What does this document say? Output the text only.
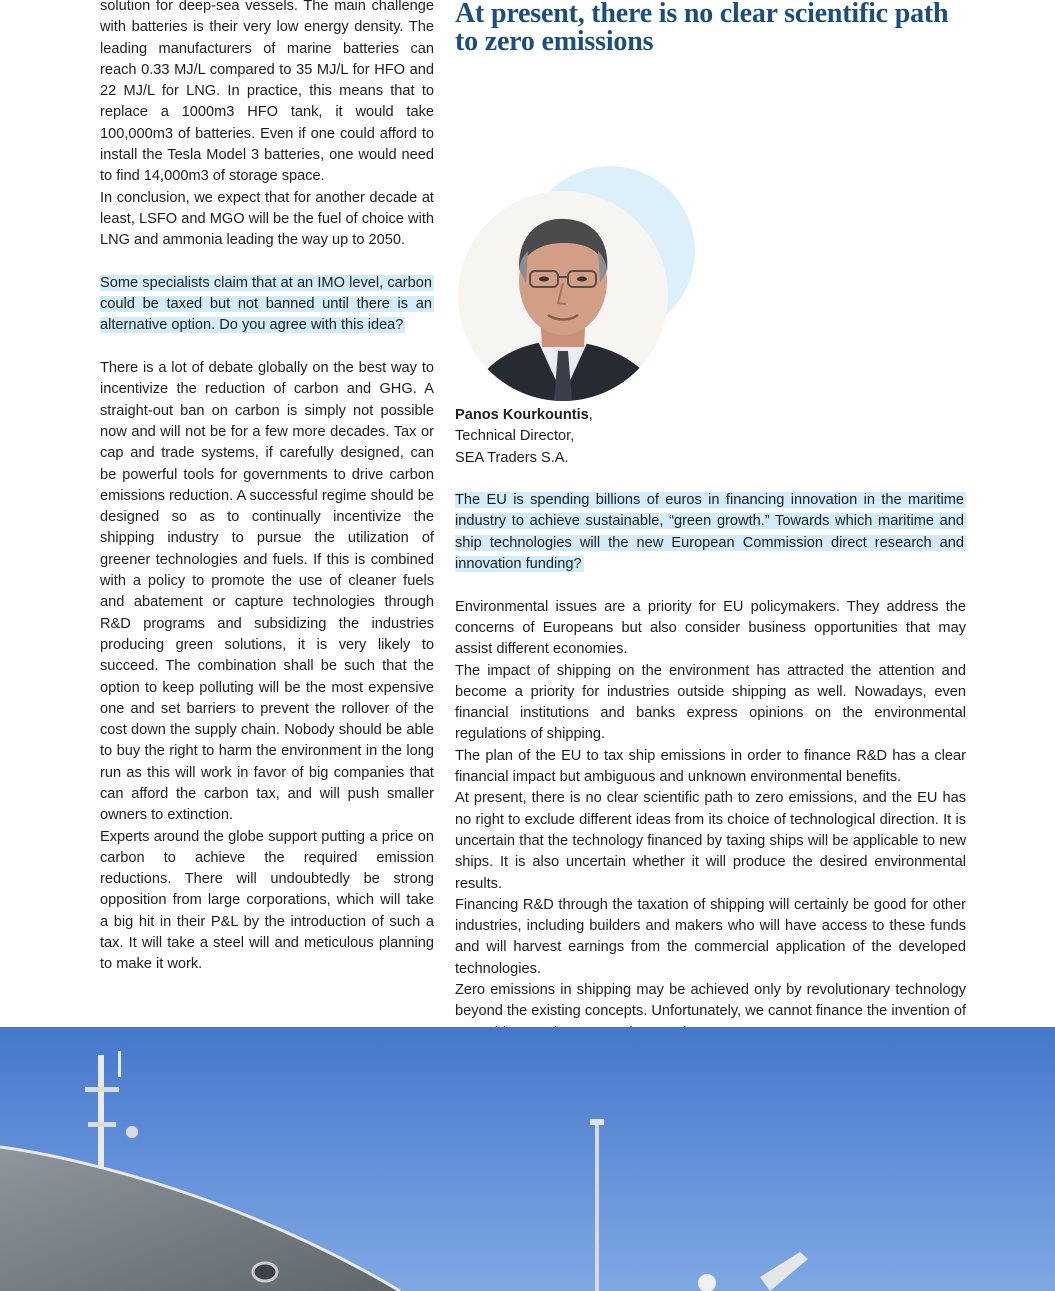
solution for deep-sea vessels. The main challenge with batteries is their very low energy density. The leading manufacturers of marine batteries can reach 0.33 MJ/L compared to 35 MJ/L for HFO and 22 MJ/L for LNG. In practice, this means that to replace a 1000m3 HFO tank, it would take 100,000m3 of batteries. Even if one could afford to install the Tesla Model 3 batteries, one would need to find 14,000m3 of storage space.

In conclusion, we expect that for another decade at least, LSFO and MGO will be the fuel of choice with LNG and ammonia leading the way up to 2050.

Some specialists claim that at an IMO level, carbon could be taxed but not banned until there is an alternative option. Do you agree with this idea?

There is a lot of debate globally on the best way to incentivize the reduction of carbon and GHG. A straight-out ban on carbon is simply not possible now and will not be for a few more decades. Tax or cap and trade systems, if carefully designed, can be powerful tools for governments to drive carbon emissions reduction. A successful regime should be designed so as to continually incentivize the shipping industry to pursue the utilization of greener technologies and fuels. If this is combined with a policy to promote the use of cleaner fuels and abatement or capture technologies through R&D programs and subsidizing the industries producing green solutions, it is very likely to succeed. The combination shall be such that the option to keep polluting will be the most expensive one and set barriers to prevent the rollover of the cost down the supply chain. Nobody should be able to buy the right to harm the environment in the long run as this will work in favor of big companies that can afford the carbon tax, and will push smaller owners to extinction.

Experts around the globe support putting a price on carbon to achieve the required emission reductions. There will undoubtedly be strong opposition from large corporations, which will take a big hit in their P&L by the introduction of such a tax. It will take a steel will and meticulous planning to make it work.

At present, there is no clear scientific path to zero emissions

Panos Kourkountis,

Technical Director,

SEA Traders S.A.

The EU is spending billions of euros in financing innovation in the maritime industry to achieve sustainable, “green growth.” Towards which maritime and ship technologies will the new European Commission direct research and innovation funding?

Environmental issues are a priority for EU policymakers. They address the concerns of Europeans but also consider business opportunities that may assist different economies.

The impact of shipping on the environment has attracted the attention and become a priority for industries outside shipping as well. Nowadays, even financial institutions and banks express opinions on the environmental regulations of shipping.

The plan of the EU to tax ship emissions in order to finance R&D has a clear financial impact but ambiguous and unknown environmental benefits.

At present, there is no clear scientific path to zero emissions, and the EU has no right to exclude different ideas from its choice of technological direction. It is uncertain that the technology financed by taxing ships will be applicable to new ships. It is also uncertain whether it will produce the desired environmental results.

Financing R&D through the taxation of shipping will certainly be good for other industries, including builders and makers who will have access to these funds and will harvest earnings from the commercial application of the developed technologies.

Zero emissions in shipping may be achieved only by revolutionary technology beyond the existing concepts. Unfortunately, we cannot finance the invention of
